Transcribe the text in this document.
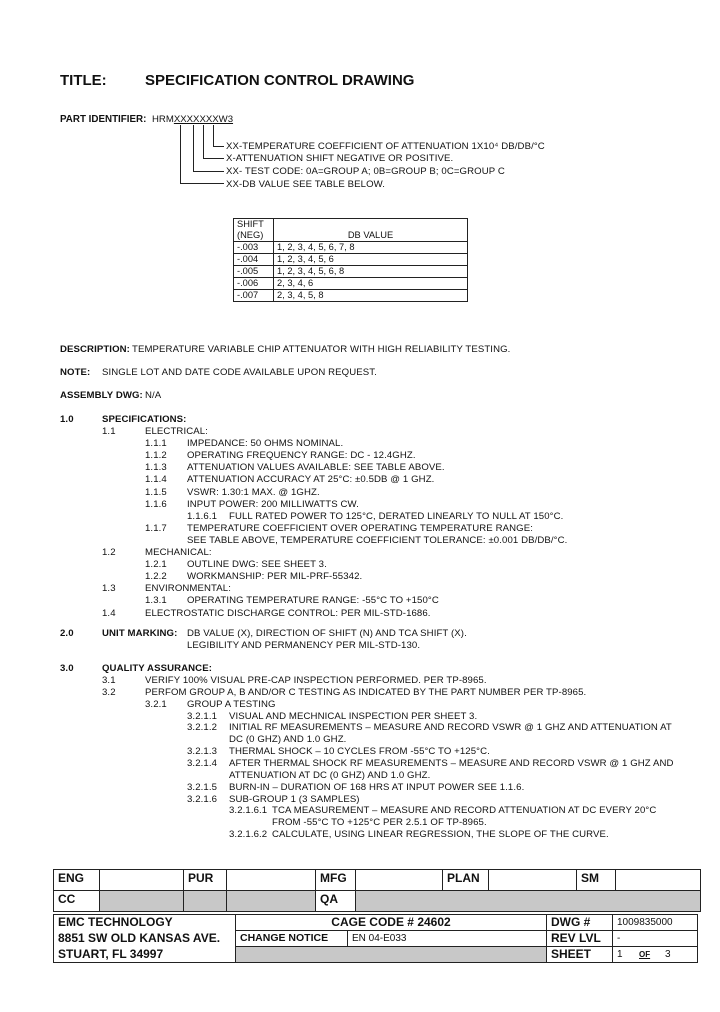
TITLE:	SPECIFICATION CONTROL DRAWING
PART IDENTIFIER: HRMXXXXXXXW3
XX-TEMPERATURE COEFFICIENT OF ATTENUATION 1X10⁴ DB/DB/°C
X-ATTENUATION SHIFT NEGATIVE OR POSITIVE.
XX- TEST CODE: 0A=GROUP A; 0B=GROUP B; 0C=GROUP C
XX-DB VALUE SEE TABLE BELOW.
SHIFT
(NEG)	DB VALUE
-.003	1, 2, 3, 4, 5, 6, 7, 8
-.004	1, 2, 3, 4, 5, 6
-.005	1, 2, 3, 4, 5, 6, 8
-.006	2, 3, 4, 6
-.007	2, 3, 4, 5, 8
DESCRIPTION: TEMPERATURE VARIABLE CHIP ATTENUATOR WITH HIGH RELIABILITY TESTING.
NOTE: SINGLE LOT AND DATE CODE AVAILABLE UPON REQUEST.
ASSEMBLY DWG: N/A
1.0	SPECIFICATIONS:
1.1	ELECTRICAL:
1.1.1 IMPEDANCE: 50 OHMS NOMINAL.
1.1.2 OPERATING FREQUENCY RANGE: DC - 12.4GHZ.
1.1.3 ATTENUATION VALUES AVAILABLE: SEE TABLE ABOVE.
1.1.4 ATTENUATION ACCURACY AT 25°C: ±0.5DB @ 1 GHZ.
1.1.5 VSWR: 1.30:1 MAX. @ 1GHZ.
1.1.6 INPUT POWER: 200 MILLIWATTS CW.
1.1.6.1 FULL RATED POWER TO 125°C, DERATED LINEARLY TO NULL AT 150°C.
1.1.7 TEMPERATURE COEFFICIENT OVER OPERATING TEMPERATURE RANGE:
SEE TABLE ABOVE, TEMPERATURE COEFFICIENT TOLERANCE: ±0.001 DB/DB/°C.
1.2	MECHANICAL:
1.2.1 OUTLINE DWG: SEE SHEET 3.
1.2.2 WORKMANSHIP: PER MIL-PRF-55342.
1.3	ENVIRONMENTAL:
1.3.1 OPERATING TEMPERATURE RANGE: -55°C TO +150°C
1.4	ELECTROSTATIC DISCHARGE CONTROL: PER MIL-STD-1686.
2.0	UNIT MARKING: DB VALUE (X), DIRECTION OF SHIFT (N) AND TCA SHIFT (X).
LEGIBILITY AND PERMANENCY PER MIL-STD-130.
3.0	QUALITY ASSURANCE:
3.1	VERIFY 100% VISUAL PRE-CAP INSPECTION PERFORMED. PER TP-8965.
3.2	PERFOM GROUP A, B AND/OR C TESTING AS INDICATED BY THE PART NUMBER PER TP-8965.
3.2.1 GROUP A TESTING
3.2.1.1 VISUAL AND MECHNICAL INSPECTION PER SHEET 3.
3.2.1.2 INITIAL RF MEASUREMENTS – MEASURE AND RECORD VSWR @ 1 GHZ AND ATTENUATION AT
DC (0 GHZ) AND 1.0 GHZ.
3.2.1.3 THERMAL SHOCK – 10 CYCLES FROM -55°C TO +125°C.
3.2.1.4 AFTER THERMAL SHOCK RF MEASUREMENTS – MEASURE AND RECORD VSWR @ 1 GHZ AND
ATTENUATION AT DC (0 GHZ) AND 1.0 GHZ.
3.2.1.5 BURN-IN – DURATION OF 168 HRS AT INPUT POWER SEE 1.1.6.
3.2.1.6 SUB-GROUP 1 (3 SAMPLES)
3.2.1.6.1 TCA MEASUREMENT – MEASURE AND RECORD ATTENUATION AT DC EVERY 20°C
FROM -55°C TO +125°C PER 2.5.1 OF TP-8965.
3.2.1.6.2 CALCULATE, USING LINEAR REGRESSION, THE SLOPE OF THE CURVE.
ENG		PUR		MFG		PLAN		SM	
CC				QA					
EMC TECHNOLOGY	CAGE CODE # 24602		DWG #	1009835000
8851 SW OLD KANSAS AVE.	CHANGE NOTICE	EN 04-E033	REV LVL	-
STUART, FL 34997			SHEET	1 OF 3
